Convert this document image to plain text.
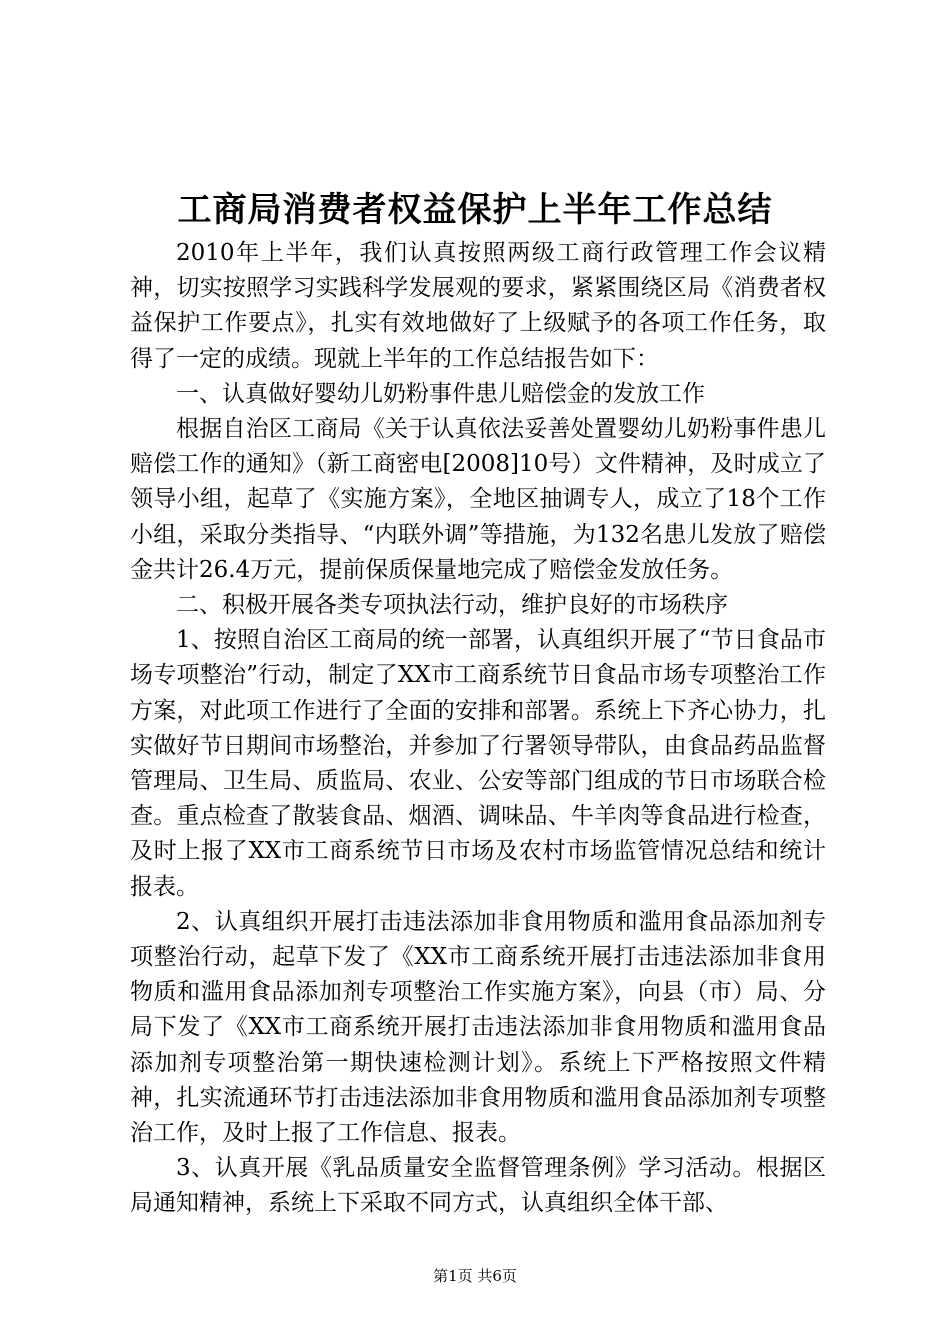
工商局消费者权益保护上半年工作总结

2010年上半年，我们认真按照两级工商行政管理工作会议精神，切实按照学习实践科学发展观的要求，紧紧围绕区局《消费者权益保护工作要点》，扎实有效地做好了上级赋予的各项工作任务，取得了一定的成绩。现就上半年的工作总结报告如下：

一、认真做好婴幼儿奶粉事件患儿赔偿金的发放工作

根据自治区工商局《关于认真依法妥善处置婴幼儿奶粉事件患儿赔偿工作的通知》（新工商密电[2008]10号）文件精神，及时成立了领导小组，起草了《实施方案》，全地区抽调专人，成立了18个工作小组，采取分类指导、“内联外调”等措施，为132名患儿发放了赔偿金共计26.4万元，提前保质保量地完成了赔偿金发放任务。

二、积极开展各类专项执法行动，维护良好的市场秩序

1、按照自治区工商局的统一部署，认真组织开展了“节日食品市场专项整治”行动，制定了XX市工商系统节日食品市场专项整治工作方案，对此项工作进行了全面的安排和部署。系统上下齐心协力，扎实做好节日期间市场整治，并参加了行署领导带队，由食品药品监督管理局、卫生局、质监局、农业、公安等部门组成的节日市场联合检查。重点检查了散装食品、烟酒、调味品、牛羊肉等食品进行检查，及时上报了XX市工商系统节日市场及农村市场监管情况总结和统计报表。

2、认真组织开展打击违法添加非食用物质和滥用食品添加剂专项整治行动，起草下发了《XX市工商系统开展打击违法添加非食用物质和滥用食品添加剂专项整治工作实施方案》，向县（市）局、分局下发了《XX市工商系统开展打击违法添加非食用物质和滥用食品添加剂专项整治第一期快速检测计划》。系统上下严格按照文件精神，扎实流通环节打击违法添加非食用物质和滥用食品添加剂专项整治工作，及时上报了工作信息、报表。

3、认真开展《乳品质量安全监督管理条例》学习活动。根据区局通知精神，系统上下采取不同方式，认真组织全体干部、

第1页 共6页
